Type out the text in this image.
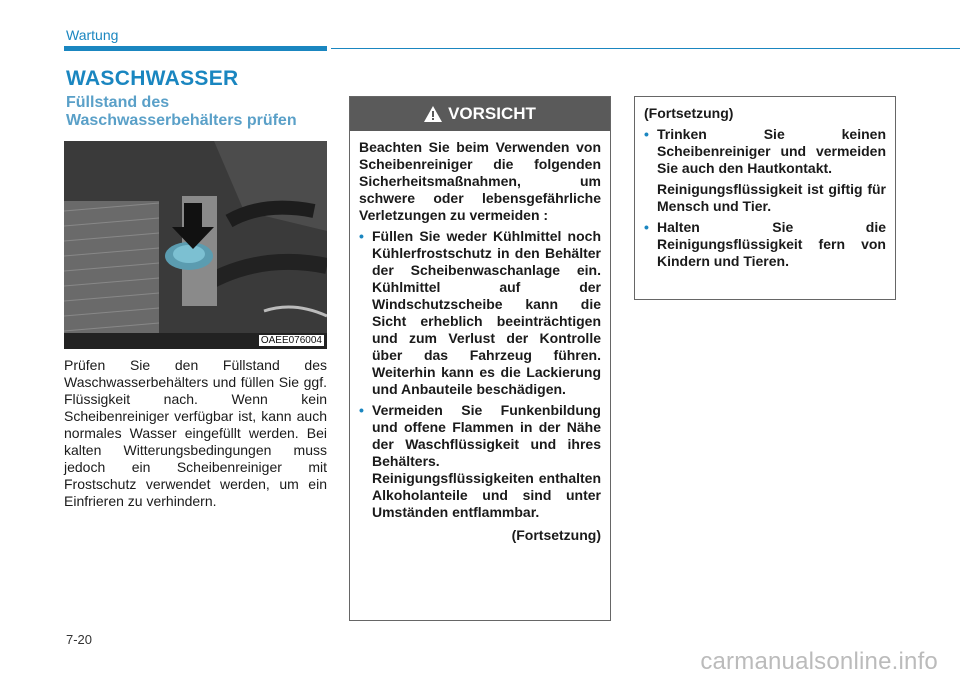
Wartung
WASCHWASSER
Füllstand des Waschwasserbehälters prüfen
OAEE076004
Prüfen Sie den Füllstand des Waschwasserbehälters und füllen Sie ggf. Flüssigkeit nach. Wenn kein Scheibenreiniger verfügbar ist, kann auch normales Wasser eingefüllt werden. Bei kalten Witterungsbedingungen muss jedoch ein Scheibenreiniger mit Frostschutz verwendet werden, um ein Einfrieren zu verhindern.
VORSICHT

Beachten Sie beim Verwenden von Scheibenreiniger die folgenden Sicherheitsmaßnahmen, um schwere oder lebensgefährliche Verletzungen zu vermeiden :

• Füllen Sie weder Kühlmittel noch Kühlerfrostschutz in den Behälter der Scheibenwaschanlage ein. Kühlmittel auf der Windschutzscheibe kann die Sicht erheblich beeinträchtigen und zum Verlust der Kontrolle über das Fahrzeug führen. Weiterhin kann es die Lackierung und Anbauteile beschädigen.
• Vermeiden Sie Funkenbildung und offene Flammen in der Nähe der Waschflüssigkeit und ihres Behälters. Reinigungsflüssigkeiten enthalten Alkoholanteile und sind unter Umständen entflammbar.
(Fortsetzung)

(Fortsetzung)

• Trinken Sie keinen Scheibenreiniger und vermeiden Sie auch den Hautkontakt.

Reinigungsflüssigkeit ist giftig für Mensch und Tier.

• Halten Sie die Reinigungsflüssigkeit fern von Kindern und Tieren.
7-20
carmanualsonline.info
